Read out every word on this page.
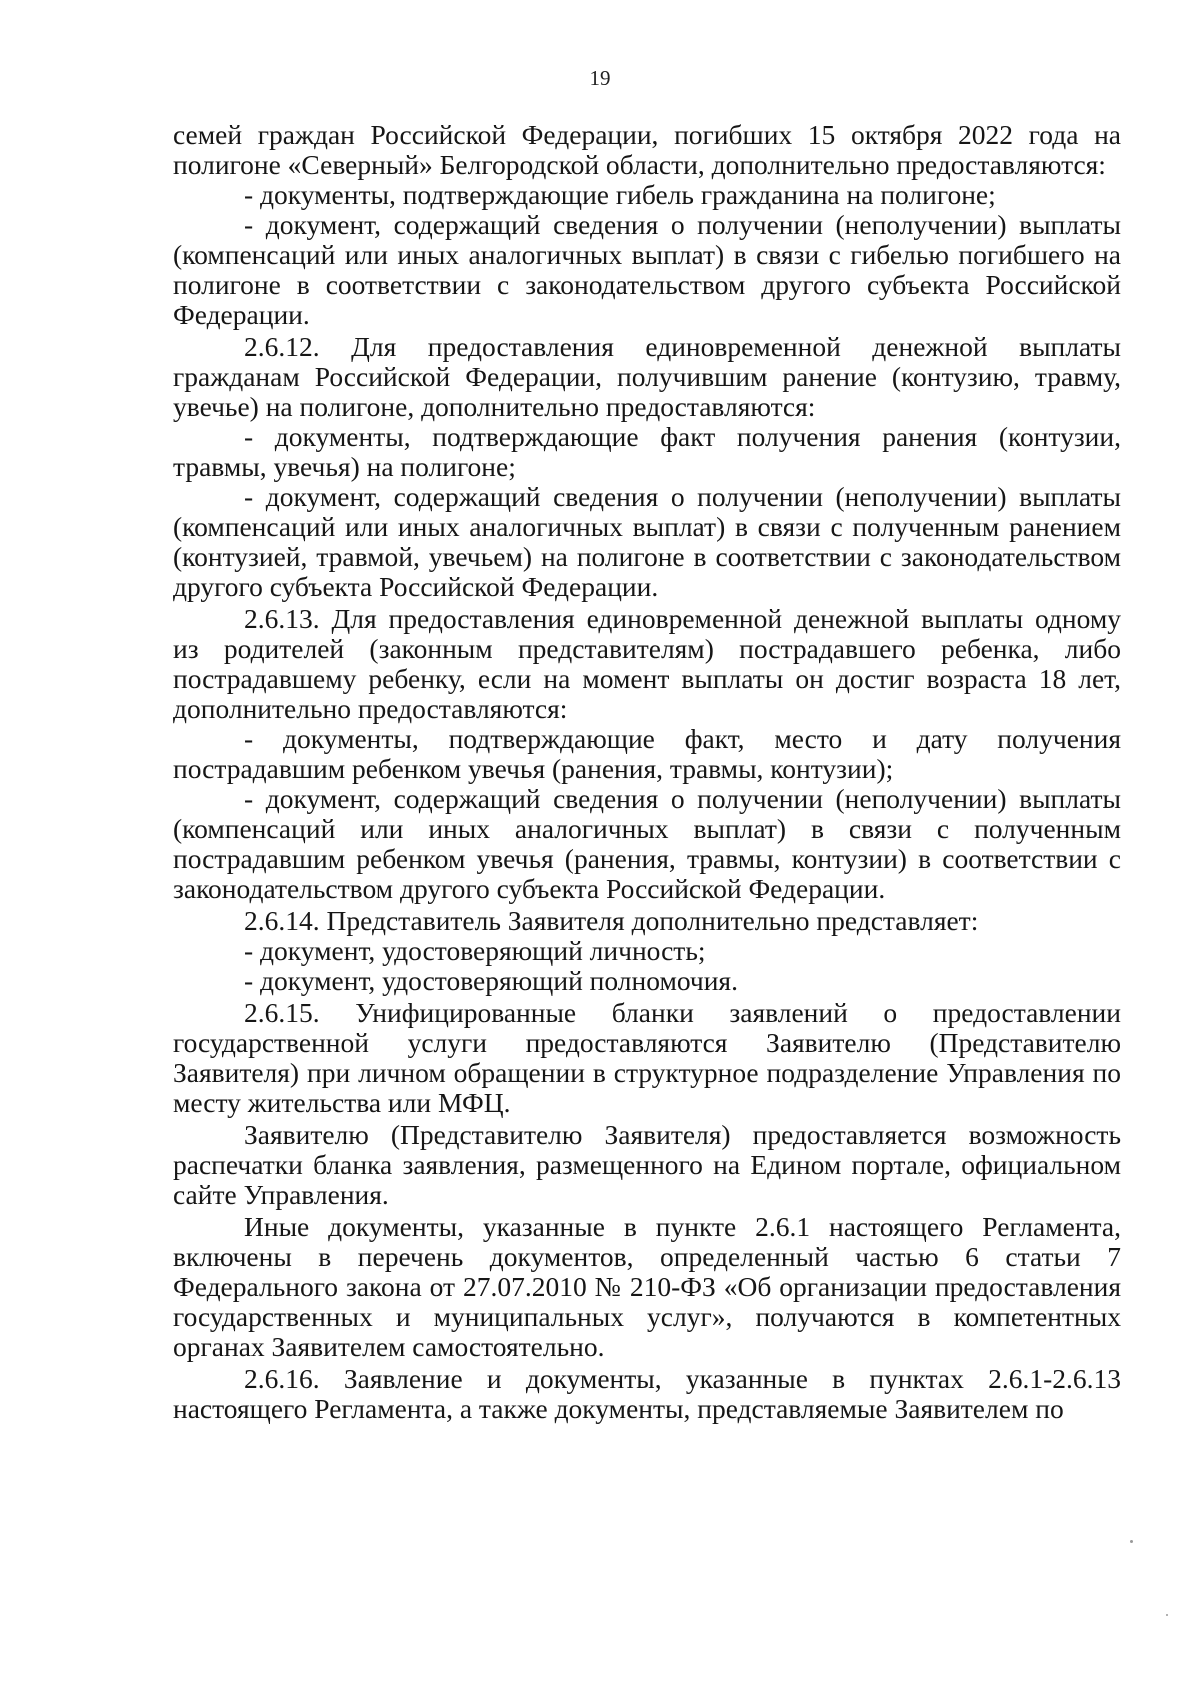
19

семей граждан Российской Федерации, погибших 15 октября 2022 года на полигоне «Северный» Белгородской области, дополнительно предоставляются:

- документы, подтверждающие гибель гражданина на полигоне;

- документ, содержащий сведения о получении (неполучении) выплаты (компенсаций или иных аналогичных выплат) в связи с гибелью погибшего на полигоне в соответствии с законодательством другого субъекта Российской Федерации.

2.6.12. Для предоставления единовременной денежной выплаты гражданам Российской Федерации, получившим ранение (контузию, травму, увечье) на полигоне, дополнительно предоставляются:

- документы, подтверждающие факт получения ранения (контузии, травмы, увечья) на полигоне;

- документ, содержащий сведения о получении (неполучении) выплаты (компенсаций или иных аналогичных выплат) в связи с полученным ранением (контузией, травмой, увечьем) на полигоне в соответствии с законодательством другого субъекта Российской Федерации.

2.6.13. Для предоставления единовременной денежной выплаты одному из родителей (законным представителям) пострадавшего ребенка, либо пострадавшему ребенку, если на момент выплаты он достиг возраста 18 лет, дополнительно предоставляются:

- документы, подтверждающие факт, место и дату получения пострадавшим ребенком увечья (ранения, травмы, контузии);

- документ, содержащий сведения о получении (неполучении) выплаты (компенсаций или иных аналогичных выплат) в связи с полученным пострадавшим ребенком увечья (ранения, травмы, контузии) в соответствии с законодательством другого субъекта Российской Федерации.

2.6.14. Представитель Заявителя дополнительно представляет:

- документ, удостоверяющий личность;

- документ, удостоверяющий полномочия.

2.6.15. Унифицированные бланки заявлений о предоставлении государственной услуги предоставляются Заявителю (Представителю Заявителя) при личном обращении в структурное подразделение Управления по месту жительства или МФЦ.

Заявителю (Представителю Заявителя) предоставляется возможность распечатки бланка заявления, размещенного на Едином портале, официальном сайте Управления.

Иные документы, указанные в пункте 2.6.1 настоящего Регламента, включены в перечень документов, определенный частью 6 статьи 7 Федерального закона от 27.07.2010 № 210-ФЗ «Об организации предоставления государственных и муниципальных услуг», получаются в компетентных органах Заявителем самостоятельно.

2.6.16. Заявление и документы, указанные в пунктах 2.6.1-2.6.13 настоящего Регламента, а также документы, представляемые Заявителем по
